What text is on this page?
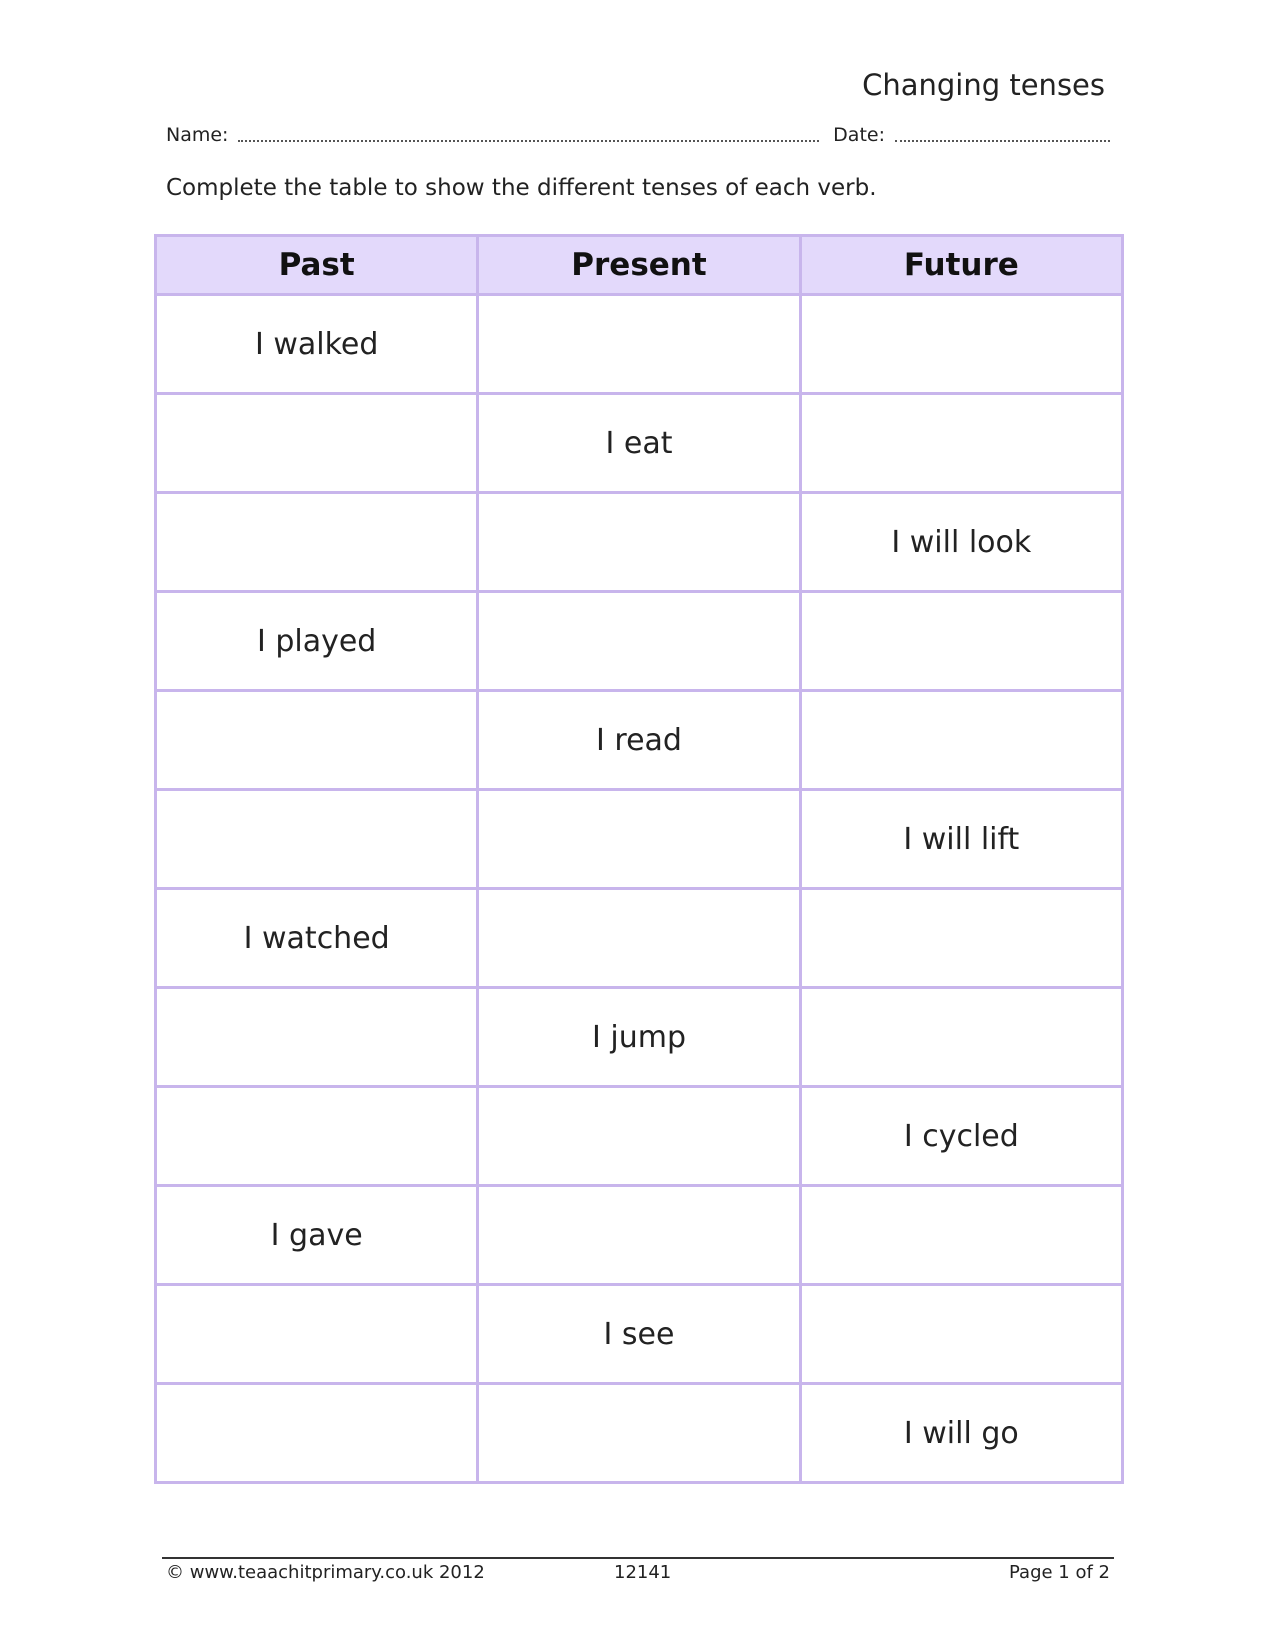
Changing tenses
Name:	Date:
Complete the table to show the different tenses of each verb.
Past	Present	Future
I walked		
	I eat	
		I will look
I played		
	I read	
		I will lift
I watched		
	I jump	
		I cycled
I gave		
	I see	
		I will go
© www.teaachitprimary.co.uk 2012	12141	Page 1 of 2
